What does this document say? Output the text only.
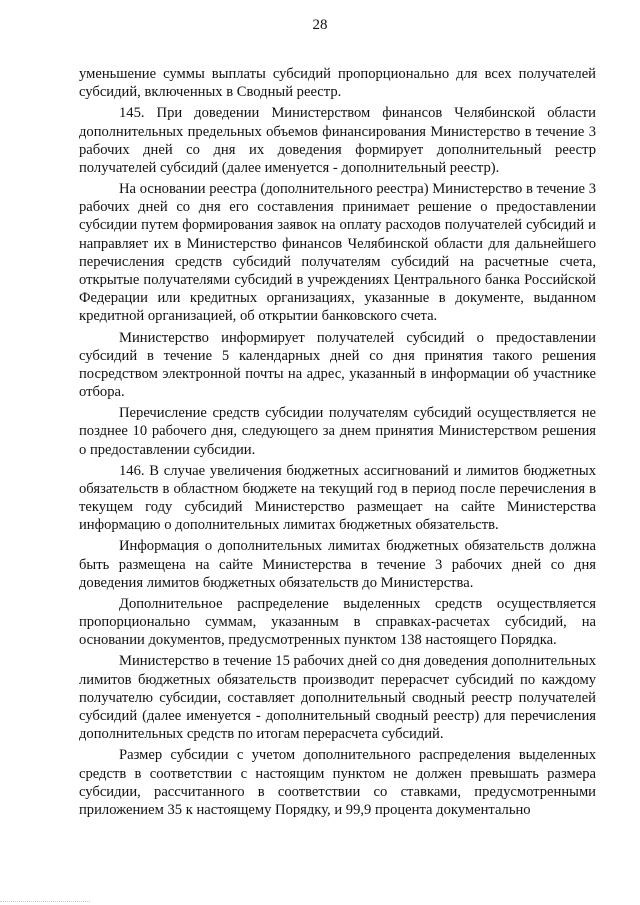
28

уменьшение суммы выплаты субсидий пропорционально для всех получателей субсидий, включенных в Сводный реестр.

145. При доведении Министерством финансов Челябинской области дополнительных предельных объемов финансирования Министерство в течение 3 рабочих дней со дня их доведения формирует дополнительный реестр получателей субсидий (далее именуется - дополнительный реестр).

На основании реестра (дополнительного реестра) Министерство в течение 3 рабочих дней со дня его составления принимает решение о предоставлении субсидии путем формирования заявок на оплату расходов получателей субсидий и направляет их в Министерство финансов Челябинской области для дальнейшего перечисления средств субсидий получателям субсидий на расчетные счета, открытые получателями субсидий в учреждениях Центрального банка Российской Федерации или кредитных организациях, указанные в документе, выданном кредитной организацией, об открытии банковского счета.

Министерство информирует получателей субсидий о предоставлении субсидий в течение 5 календарных дней со дня принятия такого решения посредством электронной почты на адрес, указанный в информации об участнике отбора.

Перечисление средств субсидии получателям субсидий осуществляется не позднее 10 рабочего дня, следующего за днем принятия Министерством решения о предоставлении субсидии.

146. В случае увеличения бюджетных ассигнований и лимитов бюджетных обязательств в областном бюджете на текущий год в период после перечисления в текущем году субсидий Министерство размещает на сайте Министерства информацию о дополнительных лимитах бюджетных обязательств.

Информация о дополнительных лимитах бюджетных обязательств должна быть размещена на сайте Министерства в течение 3 рабочих дней со дня доведения лимитов бюджетных обязательств до Министерства.

Дополнительное распределение выделенных средств осуществляется пропорционально суммам, указанным в справках-расчетах субсидий, на основании документов, предусмотренных пунктом 138 настоящего Порядка.

Министерство в течение 15 рабочих дней со дня доведения дополнительных лимитов бюджетных обязательств производит перерасчет субсидий по каждому получателю субсидии, составляет дополнительный сводный реестр получателей субсидий (далее именуется - дополнительный сводный реестр) для перечисления дополнительных средств по итогам перерасчета субсидий.

Размер субсидии с учетом дополнительного распределения выделенных средств в соответствии с настоящим пунктом не должен превышать размера субсидии, рассчитанного в соответствии со ставками, предусмотренными приложением 35 к настоящему Порядку, и 99,9 процента документально
